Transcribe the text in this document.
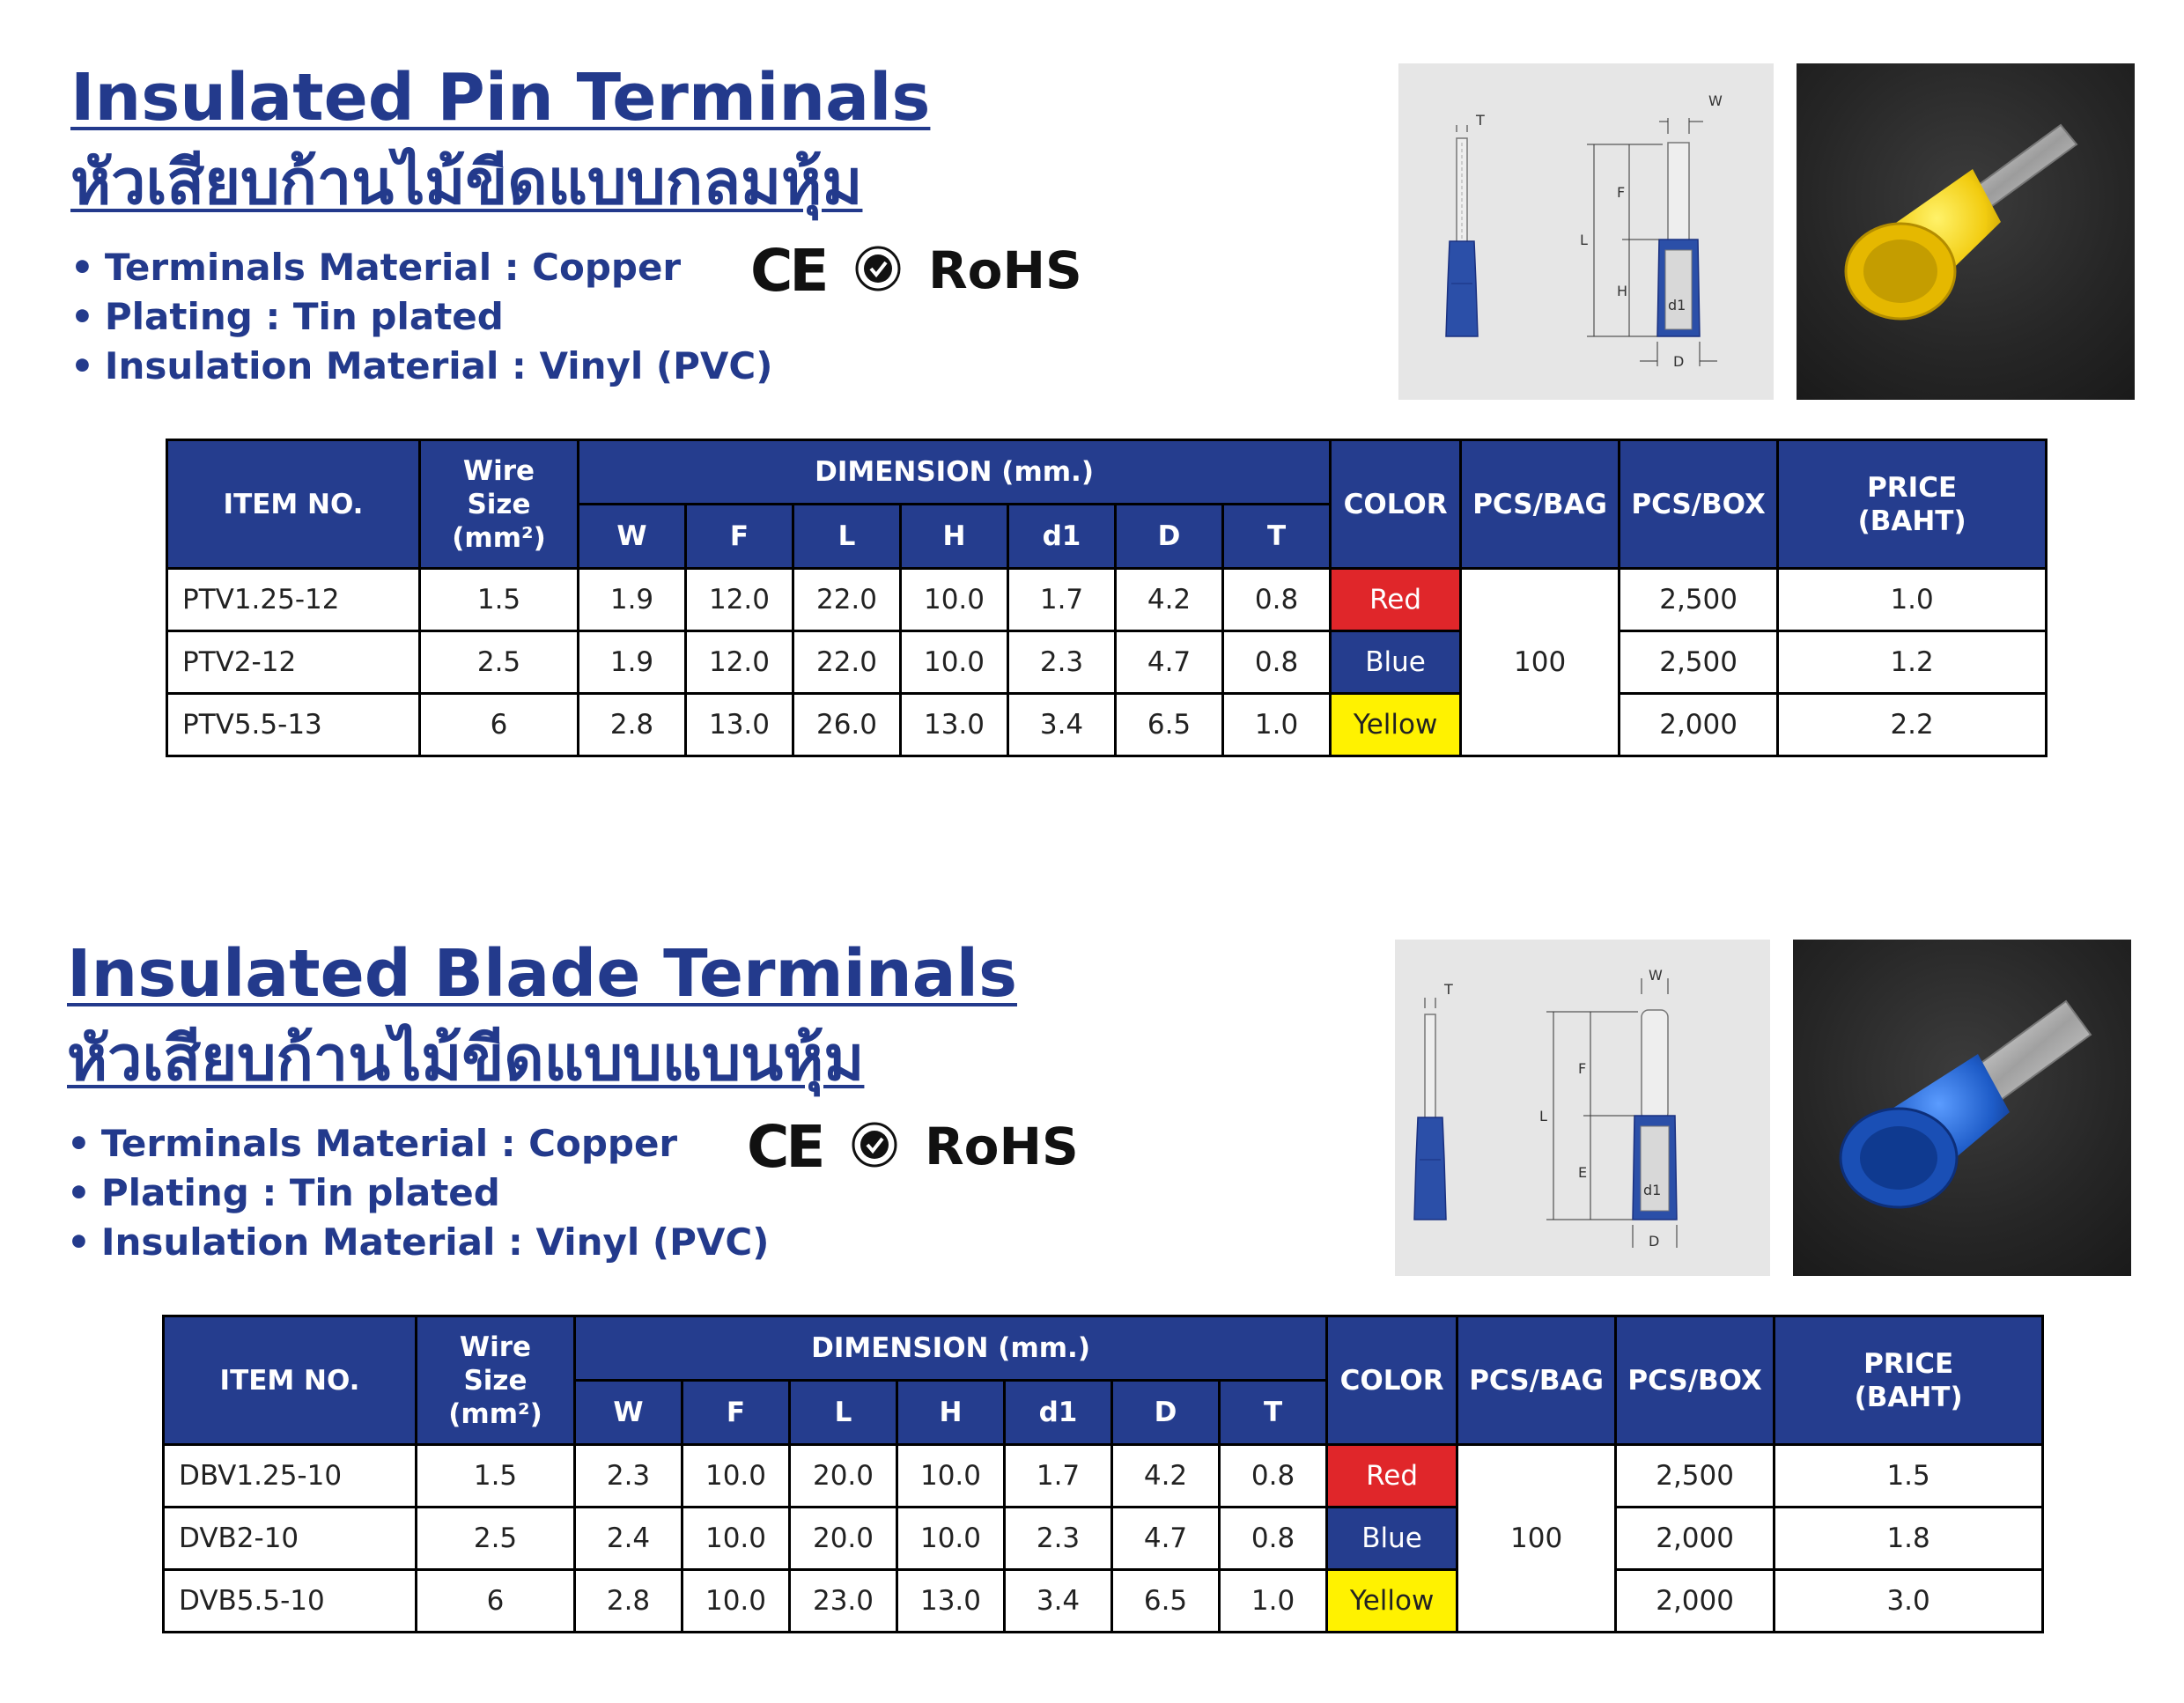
Insulated Pin Terminals
หัวเสียบก้านไม้ขีดแบบกลมหุ้ม
• Terminals Material : Copper
• Plating : Tin plated
• Insulation Material : Vinyl (PVC)
CE RoHS
T
W
L
F
H
d1
D
ITEM NO.	Wire
Size
(mm²)	DIMENSION (mm.)							COLOR	PCS/BAG	PCS/BOX	PRICE
(BAHT)
		W	F	L	H	d1	D	T				
PTV1.25-12	1.5	1.9	12.0	22.0	10.0	1.7	4.2	0.8	Red	100	2,500	1.0
PTV2-12	2.5	1.9	12.0	22.0	10.0	2.3	4.7	0.8	Blue		2,500	1.2
PTV5.5-13	6	2.8	13.0	26.0	13.0	3.4	6.5	1.0	Yellow		2,000	2.2
Insulated Blade Terminals
หัวเสียบก้านไม้ขีดแบบแบนหุ้ม
• Terminals Material : Copper
• Plating : Tin plated
• Insulation Material : Vinyl (PVC)
CE RoHS
T
W
L
F
E
d1
D
ITEM NO.	Wire
Size
(mm²)	DIMENSION (mm.)							COLOR	PCS/BAG	PCS/BOX	PRICE
(BAHT)
		W	F	L	H	d1	D	T				
DBV1.25-10	1.5	2.3	10.0	20.0	10.0	1.7	4.2	0.8	Red	100	2,500	1.5
DVB2-10	2.5	2.4	10.0	20.0	10.0	2.3	4.7	0.8	Blue		2,000	1.8
DVB5.5-10	6	2.8	10.0	23.0	13.0	3.4	6.5	1.0	Yellow		2,000	3.0
